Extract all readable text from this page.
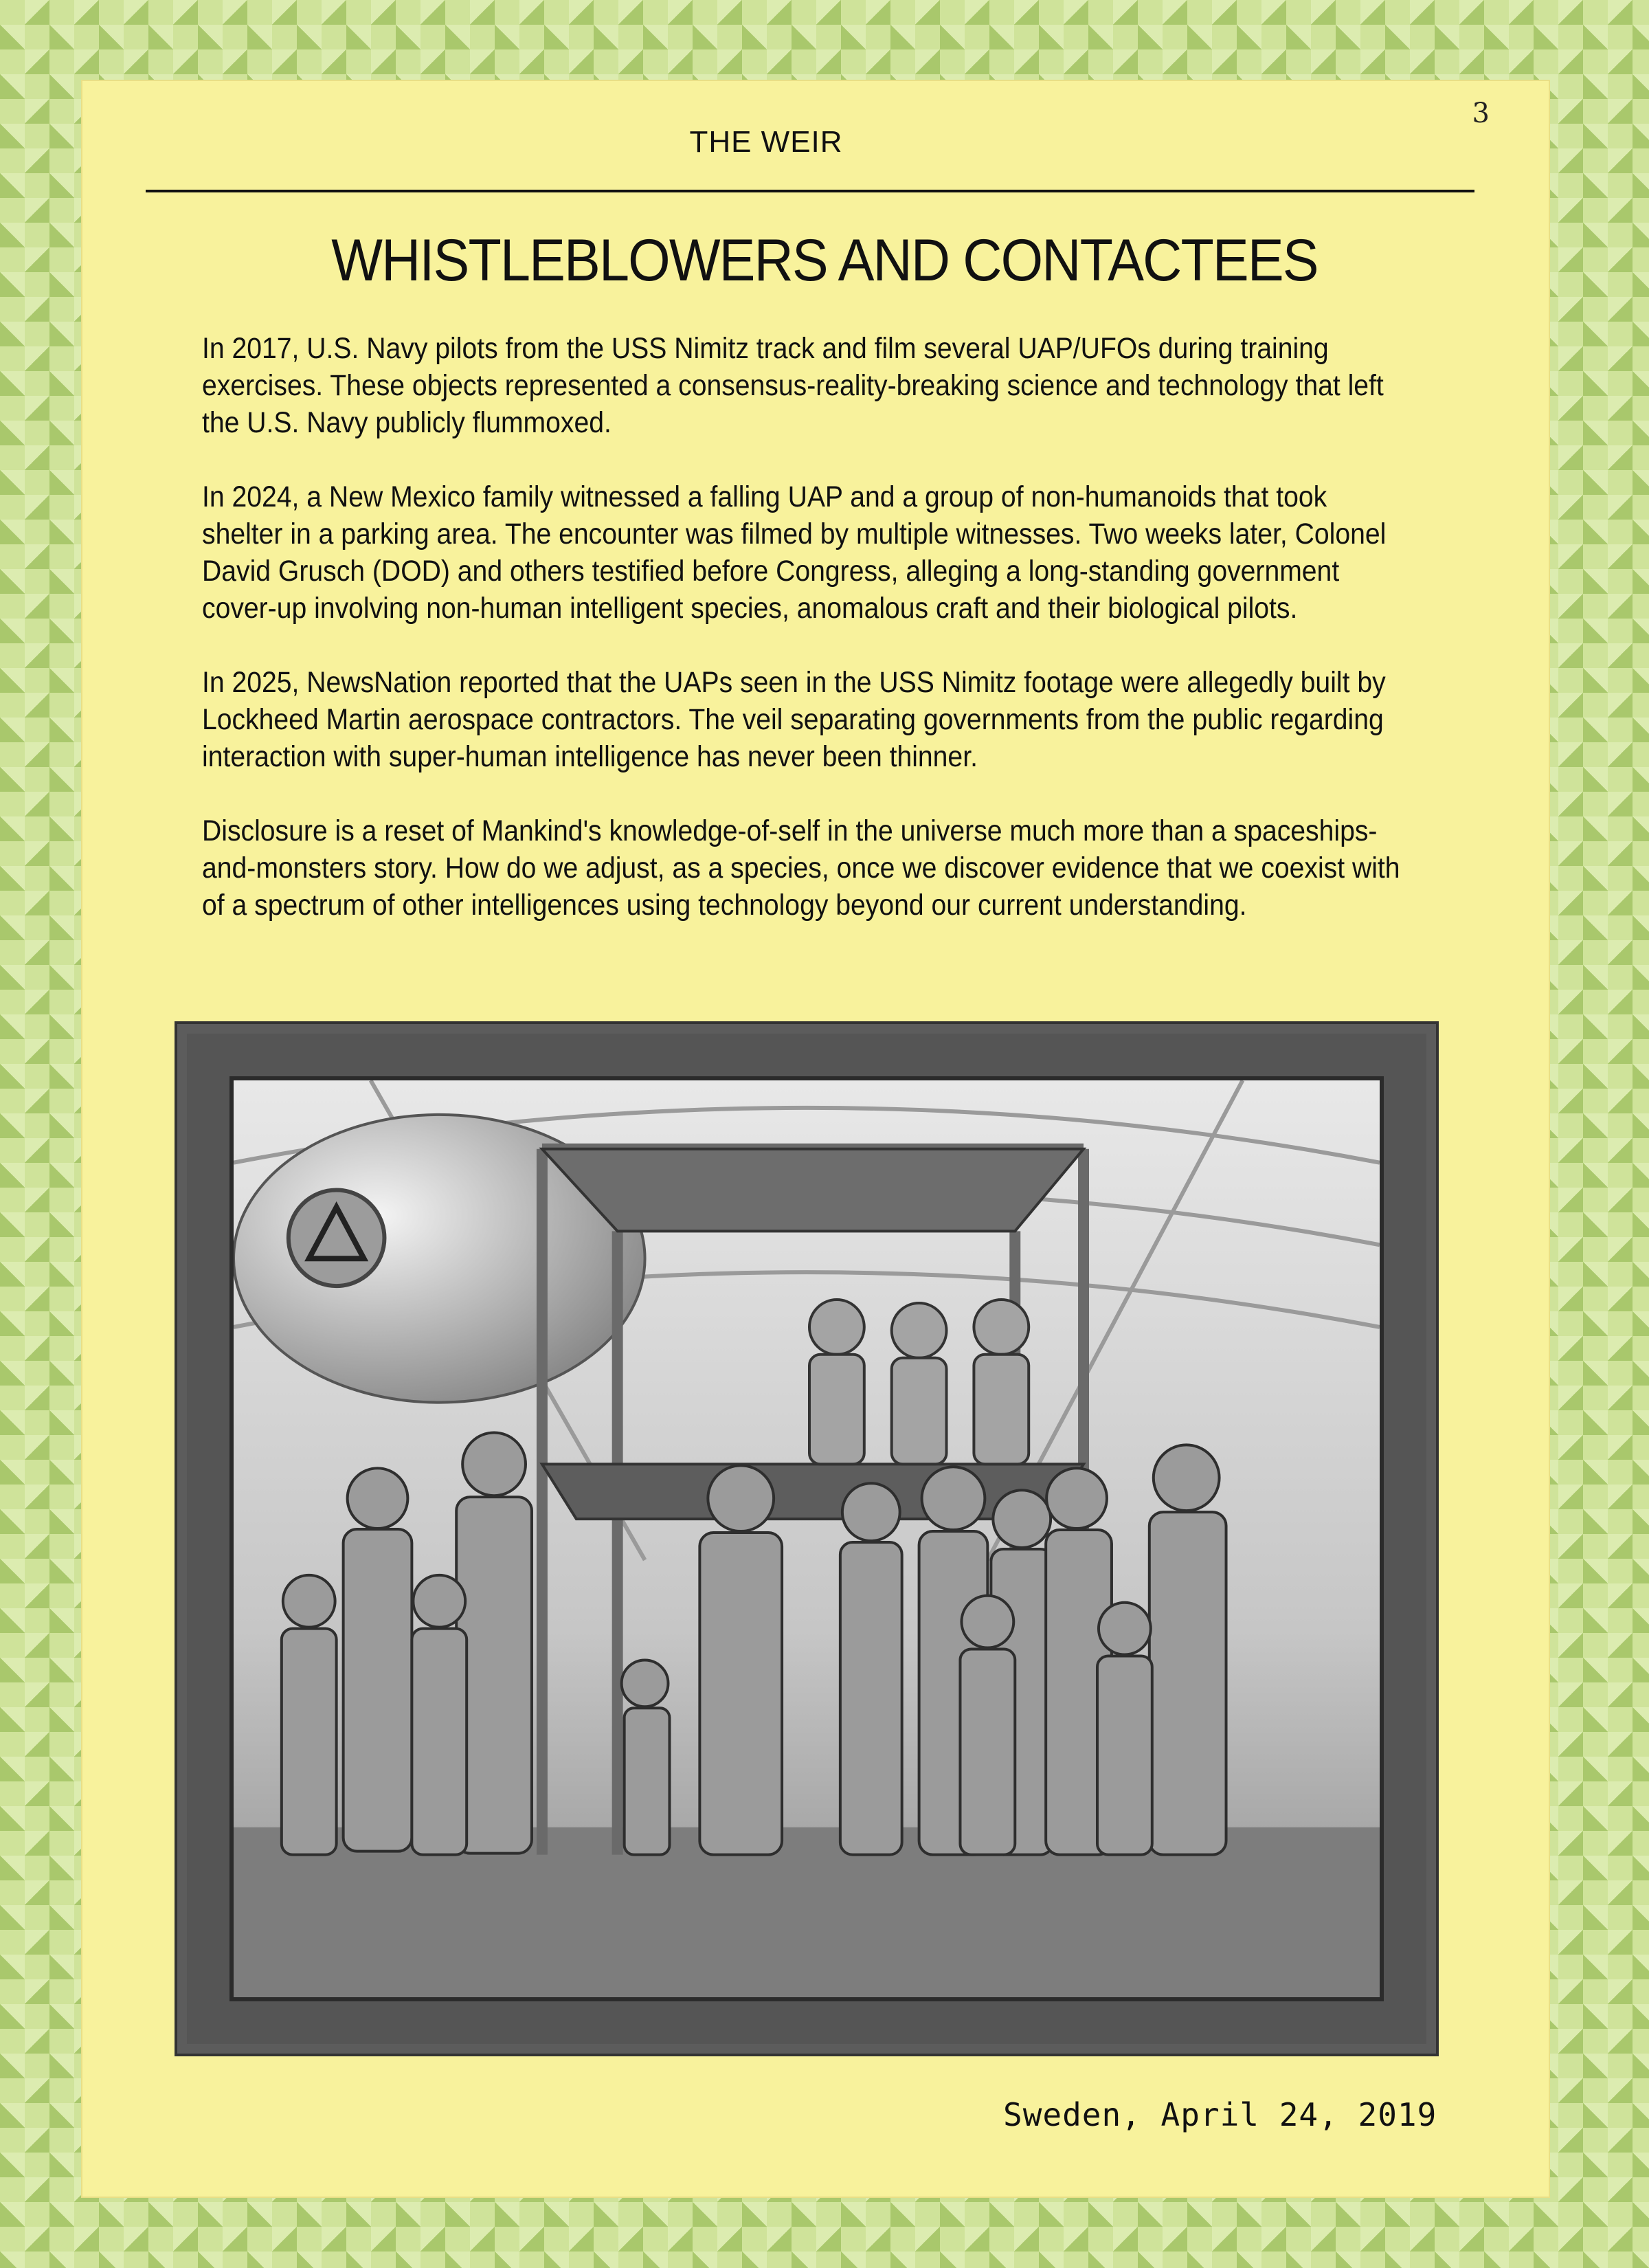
3
THE WEIR
WHISTLEBLOWERS AND CONTACTEES

In 2017, U.S. Navy pilots from the USS Nimitz track and film several UAP/UFOs during training exercises. These objects represented a consensus-reality-breaking science and technology that left the U.S. Navy publicly flummoxed.

In 2024, a New Mexico family witnessed a falling UAP and a group of non-humanoids that took shelter in a parking area. The encounter was filmed by multiple witnesses. Two weeks later, Colonel David Grusch (DOD) and others testified before Congress, alleging a long-standing government cover-up involving non-human intelligent species, anomalous craft and their biological pilots.

In 2025, NewsNation reported that the UAPs seen in the USS Nimitz footage were allegedly built by Lockheed Martin aerospace contractors. The veil separating governments from the public regarding interaction with super-human intelligence has never been thinner.

Disclosure is a reset of Mankind's knowledge-of-self in the universe much more than a spaceships-and-monsters story. How do we adjust, as a species, once we discover evidence that we coexist with of a spectrum of other intelligences using technology beyond our current understanding.

Sweden, April 24, 2019
